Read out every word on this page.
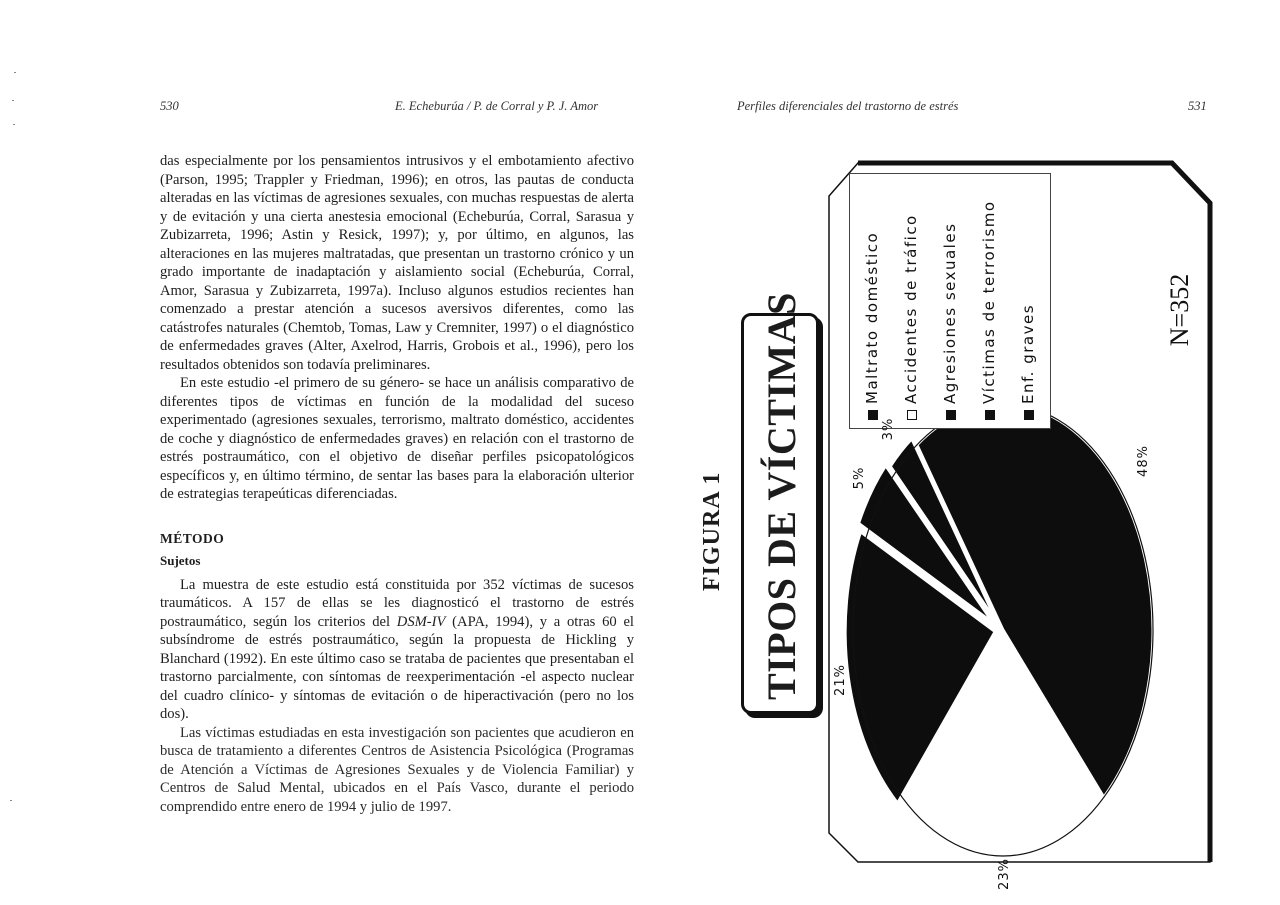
530	E. Echeburúa / P. de Corral y P. J. Amor

das especialmente por los pensamientos intrusivos y el embotamiento afectivo (Parson, 1995; Trappler y Friedman, 1996); en otros, las pautas de conducta alteradas en las víctimas de agresiones sexuales, con muchas respuestas de alerta y de evitación y una cierta anestesia emocional (Echeburúa, Corral, Sarasua y Zubizarreta, 1996; Astin y Resick, 1997); y, por último, en algunos, las alteraciones en las mujeres maltratadas, que presentan un trastorno crónico y un grado importante de inadaptación y aislamiento social (Echeburúa, Corral, Amor, Sarasua y Zubizarreta, 1997a). Incluso algunos estudios recientes han comenzado a prestar atención a sucesos aversivos diferentes, como las catástrofes naturales (Chemtob, Tomas, Law y Cremniter, 1997) o el diagnóstico de enfermedades graves (Alter, Axelrod, Harris, Grobois et al., 1996), pero los resultados obtenidos son todavía preliminares.

En este estudio -el primero de su género- se hace un análisis comparativo de diferentes tipos de víctimas en función de la modalidad del suceso experimentado (agresiones sexuales, terrorismo, maltrato doméstico, accidentes de coche y diagnóstico de enfermedades graves) en relación con el trastorno de estrés postraumático, con el objetivo de diseñar perfiles psicopatológicos específicos y, en último término, de sentar las bases para la elaboración ulterior de estrategias terapeúticas diferenciadas.

MÉTODO

Sujetos

La muestra de este estudio está constituida por 352 víctimas de sucesos traumáticos. A 157 de ellas se les diagnosticó el trastorno de estrés postraumático, según los criterios del DSM-IV (APA, 1994), y a otras 60 el subsíndrome de estrés postraumático, según la propuesta de Hickling y Blanchard (1992). En este último caso se trataba de pacientes que presentaban el trastorno parcialmente, con síntomas de reexperimentación -el aspecto nuclear del cuadro clínico- y síntomas de evitación o de hiperactivación (pero no los dos).

Las víctimas estudiadas en esta investigación son pacientes que acudieron en busca de tratamiento a diferentes Centros de Asistencia Psicológica (Programas de Atención a Víctimas de Agresiones Sexuales y de Violencia Familiar) y Centros de Salud Mental, ubicados en el País Vasco, durante el periodo comprendido entre enero de 1994 y julio de 1997.

Perfiles diferenciales del trastorno de estrés	531
FIGURA 1 TIPOS DE VÍCTIMAS	Maltrato doméstico Accidentes de tráfico Agresiones sexuales Víctimas de terrorismo Enf. graves	N=352
48%
23%
21%
5%
3%
